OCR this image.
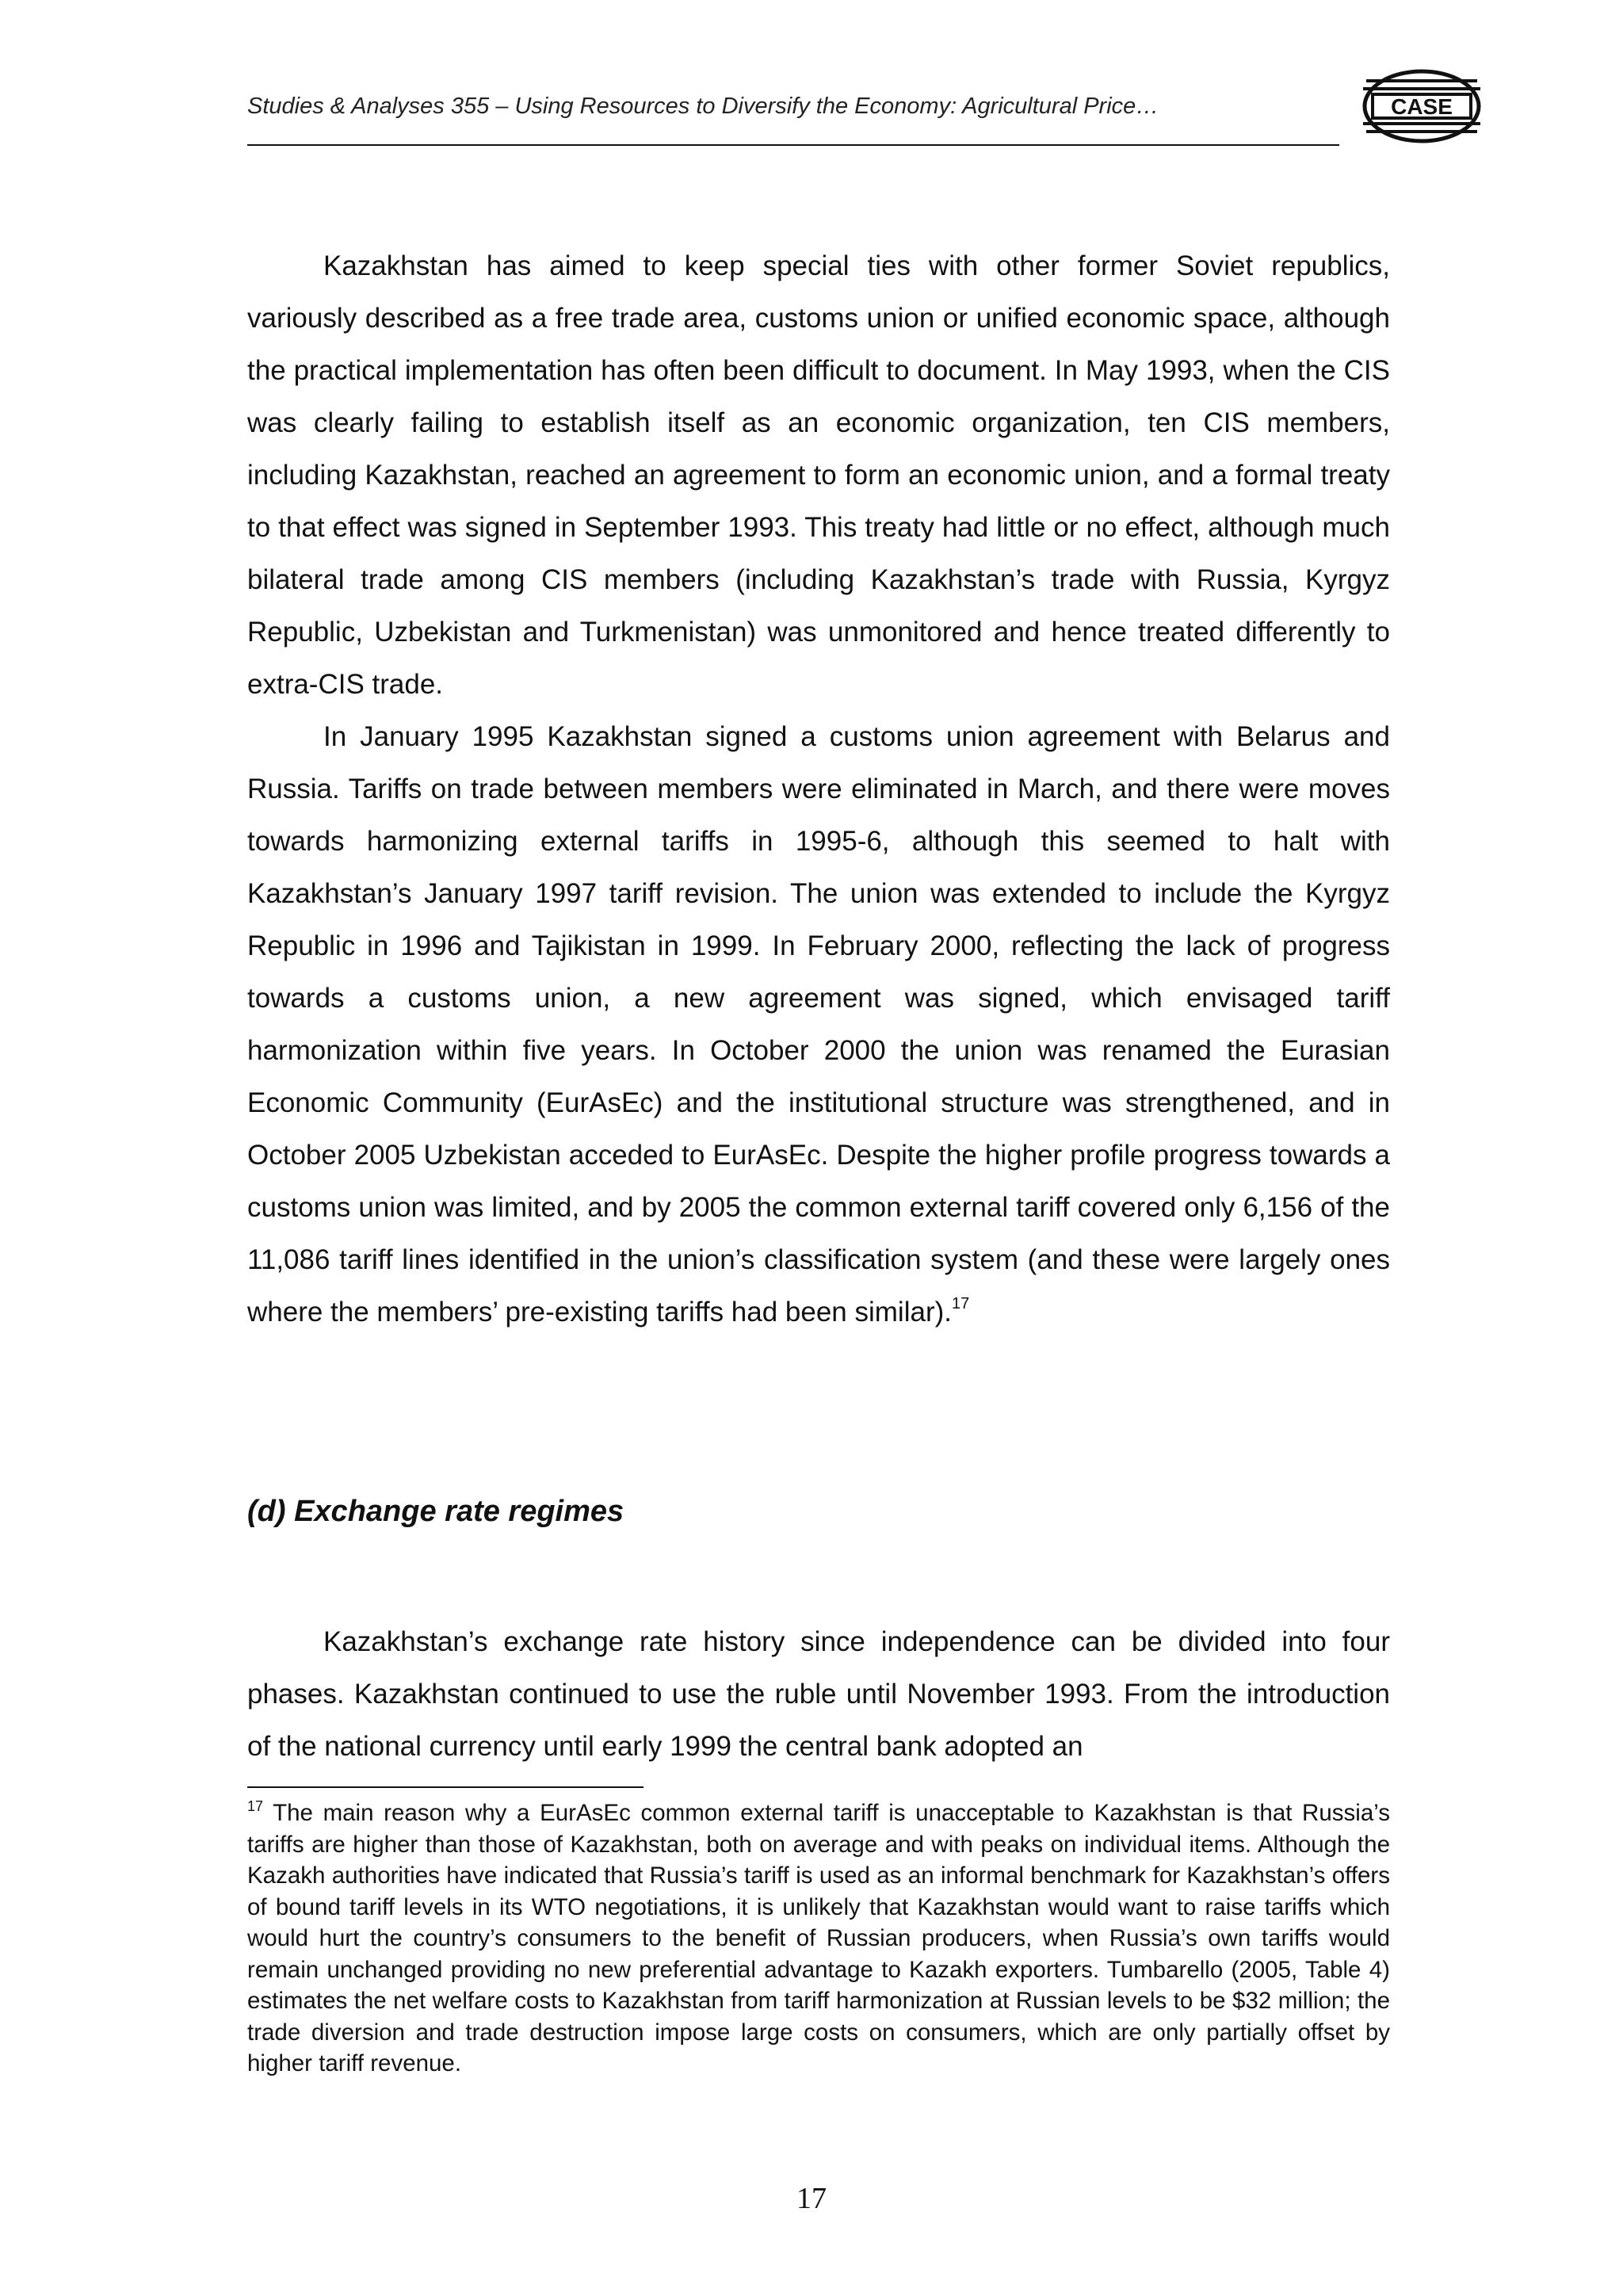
Studies & Analyses 355 – Using Resources to Diversify the Economy: Agricultural Price…	CASE

Kazakhstan has aimed to keep special ties with other former Soviet republics, variously described as a free trade area, customs union or unified economic space, although the practical implementation has often been difficult to document. In May 1993, when the CIS was clearly failing to establish itself as an economic organization, ten CIS members, including Kazakhstan, reached an agreement to form an economic union, and a formal treaty to that effect was signed in September 1993. This treaty had little or no effect, although much bilateral trade among CIS members (including Kazakhstan’s trade with Russia, Kyrgyz Republic, Uzbekistan and Turkmenistan) was unmonitored and hence treated differently to extra-CIS trade.

In January 1995 Kazakhstan signed a customs union agreement with Belarus and Russia. Tariffs on trade between members were eliminated in March, and there were moves towards harmonizing external tariffs in 1995-6, although this seemed to halt with Kazakhstan’s January 1997 tariff revision. The union was extended to include the Kyrgyz Republic in 1996 and Tajikistan in 1999. In February 2000, reflecting the lack of progress towards a customs union, a new agreement was signed, which envisaged tariff harmonization within five years. In October 2000 the union was renamed the Eurasian Economic Community (EurAsEc) and the institutional structure was strengthened, and in October 2005 Uzbekistan acceded to EurAsEc. Despite the higher profile progress towards a customs union was limited, and by 2005 the common external tariff covered only 6,156 of the 11,086 tariff lines identified in the union’s classification system (and these were largely ones where the members’ pre-existing tariffs had been similar).$^{17}$

(d) Exchange rate regimes

Kazakhstan’s exchange rate history since independence can be divided into four phases. Kazakhstan continued to use the ruble until November 1993. From the introduction of the national currency until early 1999 the central bank adopted an

$^{17}$ The main reason why a EurAsEc common external tariff is unacceptable to Kazakhstan is that Russia’s tariffs are higher than those of Kazakhstan, both on average and with peaks on individual items. Although the Kazakh authorities have indicated that Russia’s tariff is used as an informal benchmark for Kazakhstan’s offers of bound tariff levels in its WTO negotiations, it is unlikely that Kazakhstan would want to raise tariffs which would hurt the country’s consumers to the benefit of Russian producers, when Russia’s own tariffs would remain unchanged providing no new preferential advantage to Kazakh exporters. Tumbarello (2005, Table 4) estimates the net welfare costs to Kazakhstan from tariff harmonization at Russian levels to be $32 million; the trade diversion and trade destruction impose large costs on consumers, which are only partially offset by higher tariff revenue.

17
